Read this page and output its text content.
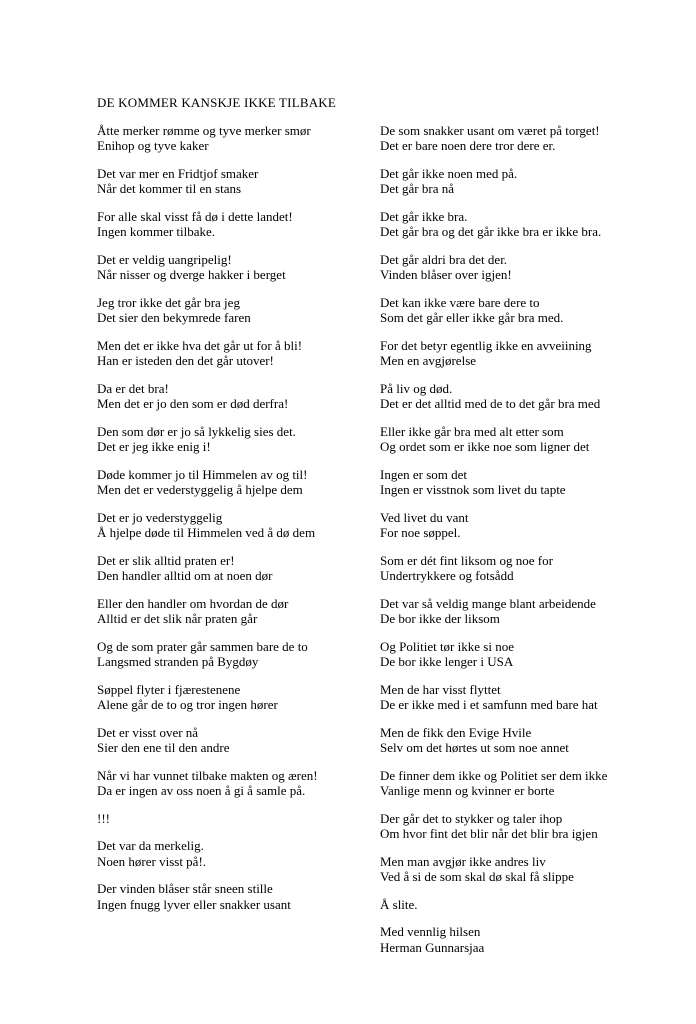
DE KOMMER KANSKJE IKKE TILBAKE

Åtte merker rømme og tyve merker smør
Enihop og tyve kaker

Det var mer en Fridtjof smaker
Når det kommer til en stans

For alle skal visst få dø i dette landet!
Ingen kommer tilbake.

Det er veldig uangripelig!
Når nisser og dverge hakker i berget

Jeg tror ikke det går bra jeg
Det sier den bekymrede faren

Men det er ikke hva det går ut for å bli!
Han er isteden den det går utover!

Da er det bra!
Men det er jo den som er død derfra!

Den som dør er jo så lykkelig sies det.
Det er jeg ikke enig i!

Døde kommer jo til Himmelen av og til!
Men det er vederstyggelig å hjelpe dem

Det er jo vederstyggelig
Å hjelpe døde til Himmelen ved å dø dem

Det er slik alltid praten er!
Den handler alltid om at noen dør

Eller den handler om hvordan de dør
Alltid er det slik når praten går

Og de som prater går sammen bare de to
Langsmed stranden på Bygdøy

Søppel flyter i fjærestenene
Alene går de to og tror ingen hører

Det er visst over nå
Sier den ene til den andre

Når vi har vunnet tilbake makten og æren!
Da er ingen av oss noen å gi å samle på.

!!!

Det var da merkelig.
Noen hører visst på!.

Der vinden blåser står sneen stille
Ingen fnugg lyver eller snakker usant

De som snakker usant om været på torget!
Det er bare noen dere tror dere er.

Det går ikke noen med på.
Det går bra nå

Det går ikke bra.
Det går bra og det går ikke bra er ikke bra.

Det går aldri bra det der.
Vinden blåser over igjen!

Det kan ikke være bare dere to
Som det går eller ikke går bra med.

For det betyr egentlig ikke en avveiining
Men en avgjørelse

På liv og død.
Det er det alltid med de to det går bra med

Eller ikke går bra med alt etter som
Og ordet som er ikke noe som ligner det

Ingen er som det
Ingen er visstnok som livet du tapte

Ved livet du vant
For noe søppel.

Som er dét fint liksom og noe for
Undertrykkere og fotsådd

Det var så veldig mange blant arbeidende
De bor ikke der liksom

Og Politiet tør ikke si noe
De bor ikke lenger i USA

Men de har visst flyttet
De er ikke med i et samfunn med bare hat

Men de fikk den Evige Hvile
Selv om det hørtes ut som noe annet

De finner dem ikke og Politiet ser dem ikke
Vanlige menn og kvinner er borte

Der går det to stykker og taler ihop
Om hvor fint det blir når det blir bra igjen

Men man avgjør ikke andres liv
Ved å si de som skal dø skal få slippe

Å slite.

Med vennlig hilsen
Herman Gunnarsjaa
